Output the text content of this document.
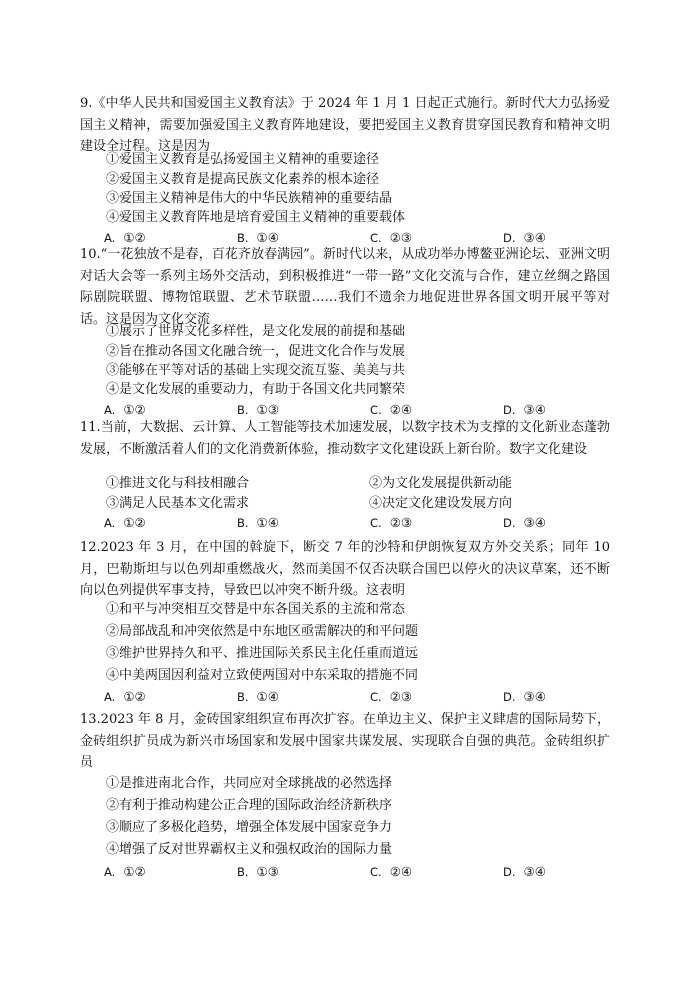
9.《中华人民共和国爱国主义教育法》于 2024 年 1 月 1 日起正式施行。新时代大力弘扬爱国主义精神，需要加强爱国主义教育阵地建设，要把爱国主义教育贯穿国民教育和精神文明建设全过程。这是因为

①爱国主义教育是弘扬爱国主义精神的重要途径
②爱国主义教育是提高民族文化素养的根本途径
③爱国主义精神是伟大的中华民族精神的重要结晶
④爱国主义教育阵地是培育爱国主义精神的重要载体
A. ①②	B. ①④	C. ②③	D. ③④

10.“一花独放不是春，百花齐放春满园”。新时代以来，从成功举办博鳌亚洲论坛、亚洲文明对话大会等一系列主场外交活动，到积极推进“一带一路”文化交流与合作，建立丝绸之路国际剧院联盟、博物馆联盟、艺术节联盟……我们不遗余力地促进世界各国文明开展平等对话。这是因为文化交流

①展示了世界文化多样性，是文化发展的前提和基础
②旨在推动各国文化融合统一，促进文化合作与发展
③能够在平等对话的基础上实现交流互鉴、美美与共
④是文化发展的重要动力，有助于各国文化共同繁荣
A. ①②	B. ①③	C. ②④	D. ③④

11.当前，大数据、云计算、人工智能等技术加速发展，以数字技术为支撑的文化新业态蓬勃发展，不断激活着人们的文化消费新体验，推动数字文化建设跃上新台阶。数字文化建设

①推进文化与科技相融合	②为文化发展提供新动能
③满足人民基本文化需求	④决定文化建设发展方向
A. ①②	B. ①④	C. ②③	D. ③④

12.2023 年 3 月，在中国的斡旋下，断交 7 年的沙特和伊朗恢复双方外交关系；同年 10 月，巴勒斯坦与以色列却重燃战火，然而美国不仅否决联合国巴以停火的决议草案，还不断向以色列提供军事支持，导致巴以冲突不断升级。这表明

①和平与冲突相互交替是中东各国关系的主流和常态
②局部战乱和冲突依然是中东地区亟需解决的和平问题
③维护世界持久和平、推进国际关系民主化任重而道远
④中美两国因利益对立致使两国对中东采取的措施不同
A. ①②	B. ①④	C. ②③	D. ③④

13.2023 年 8 月，金砖国家组织宣布再次扩容。在单边主义、保护主义肆虐的国际局势下，金砖组织扩员成为新兴市场国家和发展中国家共谋发展、实现联合自强的典范。金砖组织扩员

①是推进南北合作，共同应对全球挑战的必然选择
②有利于推动构建公正合理的国际政治经济新秩序
③顺应了多极化趋势，增强全体发展中国家竞争力
④增强了反对世界霸权主义和强权政治的国际力量
A. ①②	B. ①③	C. ②④	D. ③④
